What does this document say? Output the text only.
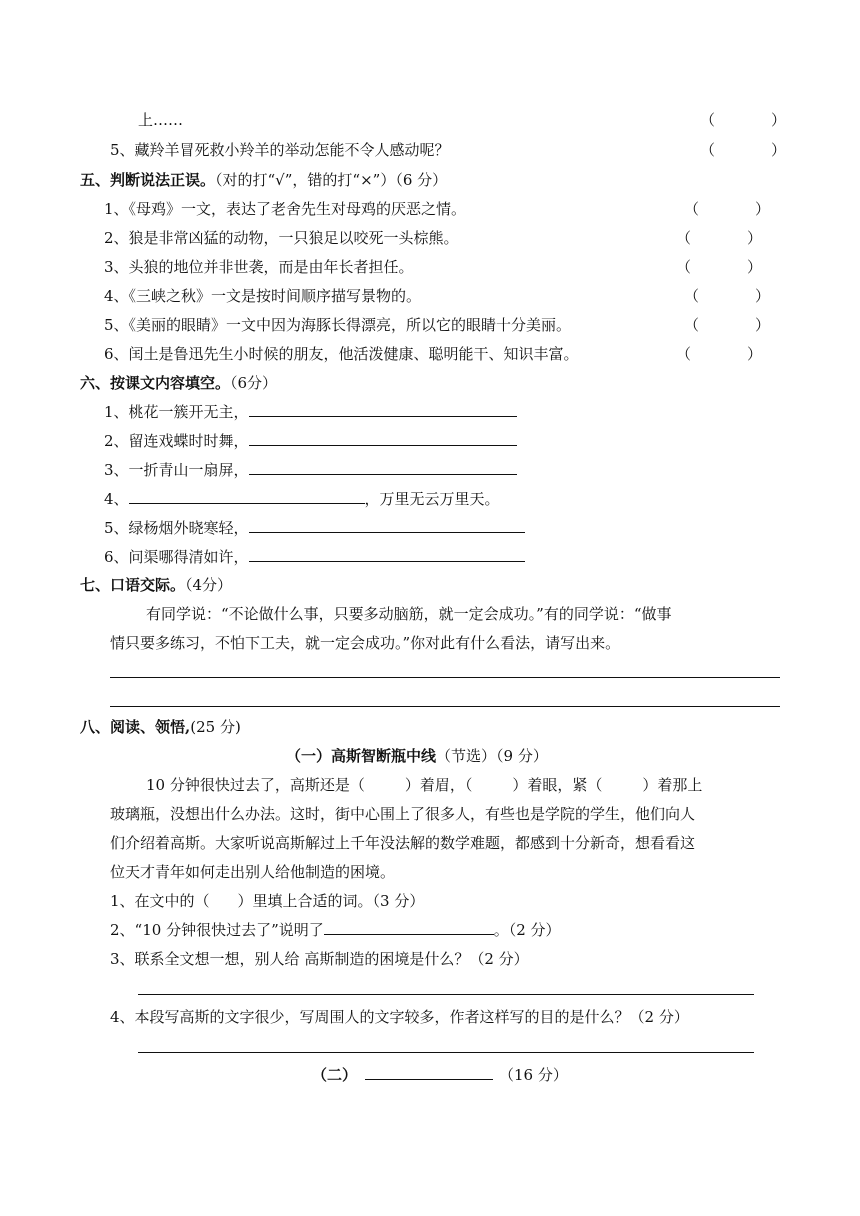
上……	（	）
5、藏羚羊冒死救小羚羊的举动怎能不令人感动呢？	（	）
五、判断说法正误。（对的打“√”，错的打“×”）（6 分）
1、《母鸡》一文，表达了老舍先生对母鸡的厌恶之情。	（	）
2、狼是非常凶猛的动物，一只狼足以咬死一头棕熊。	（	）
3、头狼的地位并非世袭，而是由年长者担任。	（	）
4、《三峡之秋》一文是按时间顺序描写景物的。	（	）
5、《美丽的眼睛》一文中因为海豚长得漂亮，所以它的眼睛十分美丽。	（	）
6、闰土是鲁迅先生小时候的朋友，他活泼健康、聪明能干、知识丰富。	（	）
六、按课文内容填空。（6分）
1、桃花一簇开无主，
2、留连戏蝶时时舞，
3、一折青山一扇屏，
4、	，万里无云万里天。
5、绿杨烟外晓寒轻，
6、问渠哪得清如许，
七、口语交际。（4分）
有同学说：“不论做什么事，只要多动脑筋，就一定会成功。”有的同学说：“做事
情只要多练习，不怕下工夫，就一定会成功。”你对此有什么看法，请写出来。
八、阅读、领悟,(25 分)
（一）高斯智断瓶中线（节选）（9 分）
10 分钟很快过去了，高斯还是（	）着眉，（	）着眼，紧（	）着那上
玻璃瓶，没想出什么办法。这时，街中心围上了很多人，有些也是学院的学生，他们向人
们介绍着高斯。大家听说高斯解过上千年没法解的数学难题，都感到十分新奇，想看看这
位天才青年如何走出别人给他制造的困境。
1、在文中的（ ）里填上合适的词。（3 分）
2、“10 分钟很快过去了”说明了	。（2 分）
3、联系全文想一想，别人给 高斯制造的困境是什么？（2 分）
4、本段写高斯的文字很少，写周围人的文字较多，作者这样写的目的是什么？（2 分）
（二）	（16 分）
